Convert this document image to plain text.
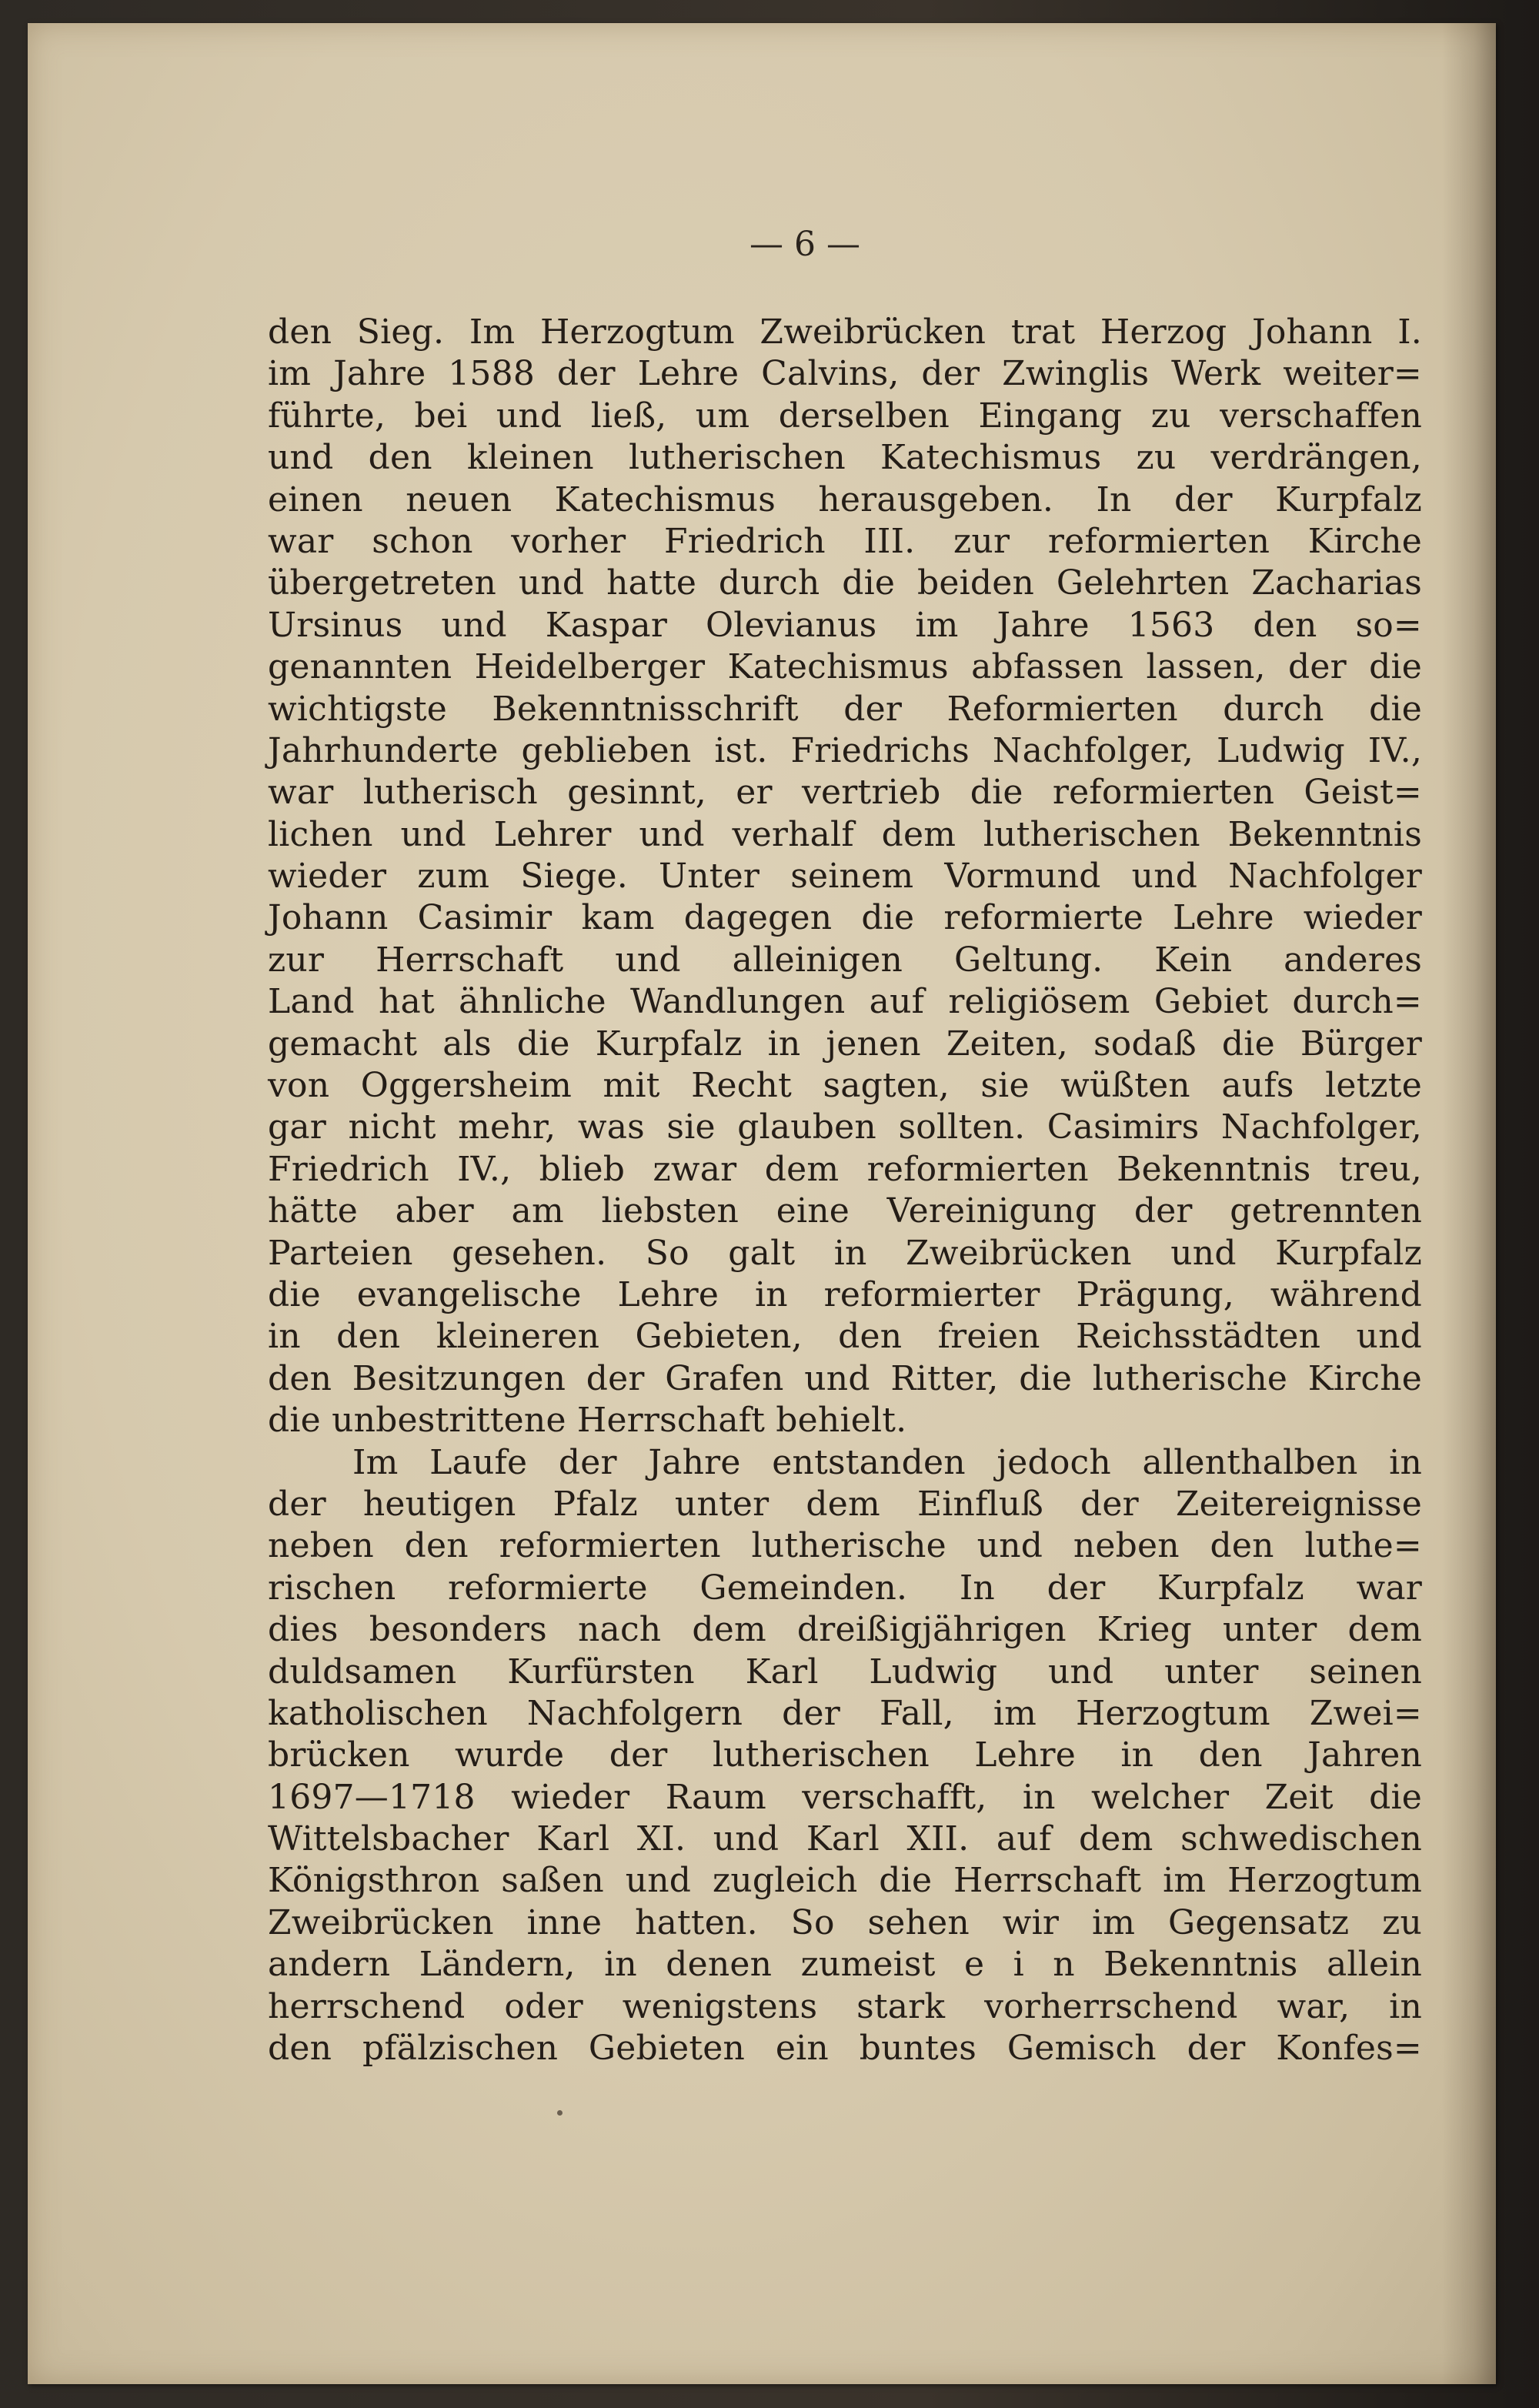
— 6 —
den Sieg. Im Herzogtum Zweibrücken trat Herzog Johann I.
im Jahre 1588 der Lehre Calvins, der Zwinglis Werk weiter=
führte, bei und ließ, um derselben Eingang zu verschaffen
und den kleinen lutherischen Katechismus zu verdrängen,
einen neuen Katechismus herausgeben. In der Kurpfalz
war schon vorher Friedrich III. zur reformierten Kirche
übergetreten und hatte durch die beiden Gelehrten Zacharias
Ursinus und Kaspar Olevianus im Jahre 1563 den so=
genannten Heidelberger Katechismus abfassen lassen, der die
wichtigste Bekenntnisschrift der Reformierten durch die
Jahrhunderte geblieben ist. Friedrichs Nachfolger, Ludwig IV.,
war lutherisch gesinnt, er vertrieb die reformierten Geist=
lichen und Lehrer und verhalf dem lutherischen Bekenntnis
wieder zum Siege. Unter seinem Vormund und Nachfolger
Johann Casimir kam dagegen die reformierte Lehre wieder
zur Herrschaft und alleinigen Geltung. Kein anderes
Land hat ähnliche Wandlungen auf religiösem Gebiet durch=
gemacht als die Kurpfalz in jenen Zeiten, sodaß die Bürger
von Oggersheim mit Recht sagten, sie wüßten aufs letzte
gar nicht mehr, was sie glauben sollten. Casimirs Nachfolger,
Friedrich IV., blieb zwar dem reformierten Bekenntnis treu,
hätte aber am liebsten eine Vereinigung der getrennten
Parteien gesehen. So galt in Zweibrücken und Kurpfalz
die evangelische Lehre in reformierter Prägung, während
in den kleineren Gebieten, den freien Reichsstädten und
den Besitzungen der Grafen und Ritter, die lutherische Kirche
die unbestrittene Herrschaft behielt.
Im Laufe der Jahre entstanden jedoch allenthalben in
der heutigen Pfalz unter dem Einfluß der Zeitereignisse
neben den reformierten lutherische und neben den luthe=
rischen reformierte Gemeinden. In der Kurpfalz war
dies besonders nach dem dreißigjährigen Krieg unter dem
duldsamen Kurfürsten Karl Ludwig und unter seinen
katholischen Nachfolgern der Fall, im Herzogtum Zwei=
brücken wurde der lutherischen Lehre in den Jahren
1697—1718 wieder Raum verschafft, in welcher Zeit die
Wittelsbacher Karl XI. und Karl XII. auf dem schwedischen
Königsthron saßen und zugleich die Herrschaft im Herzogtum
Zweibrücken inne hatten. So sehen wir im Gegensatz zu
andern Ländern, in denen zumeist e i n Bekenntnis allein
herrschend oder wenigstens stark vorherrschend war, in
den pfälzischen Gebieten ein buntes Gemisch der Konfes=
